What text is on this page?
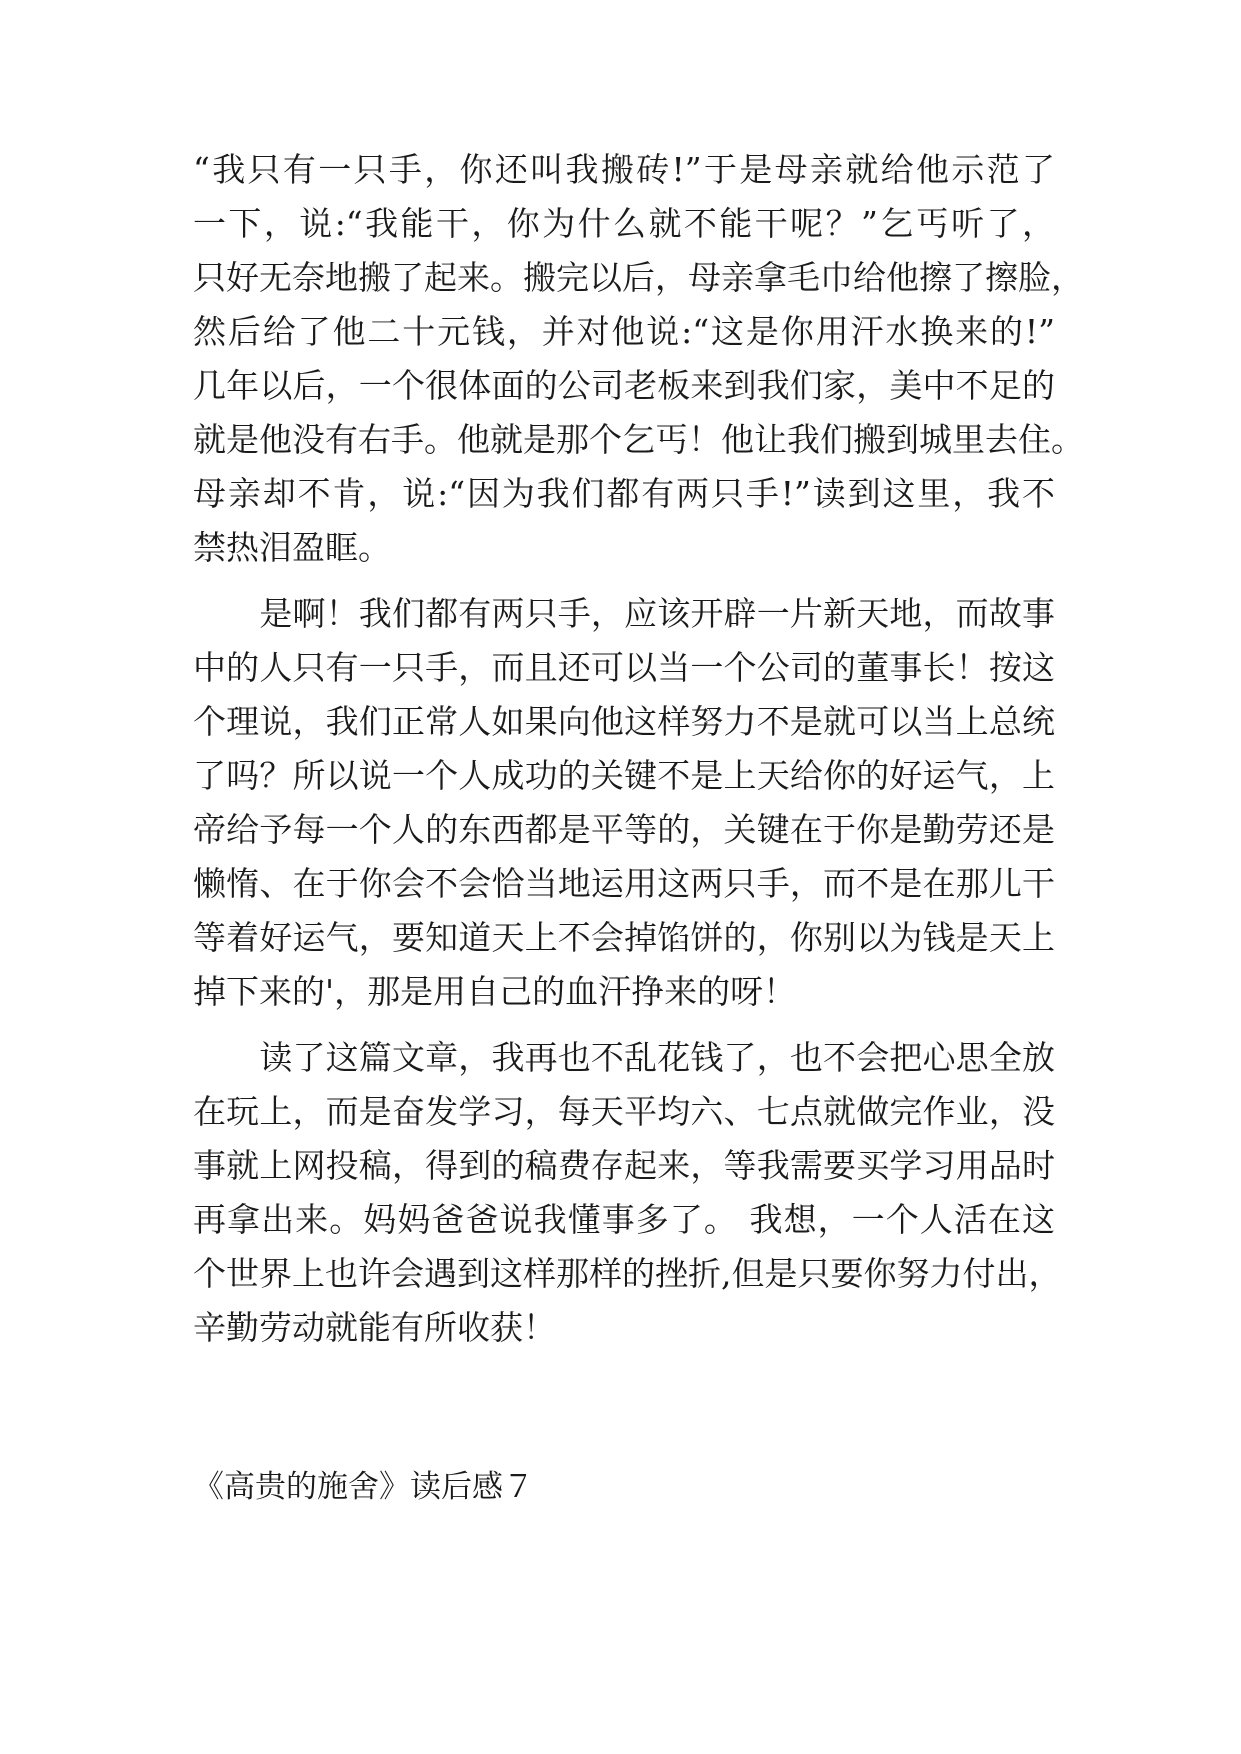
“我只有一只手，你还叫我搬砖!”于是母亲就给他示范了
一下，说:“我能干，你为什么就不能干呢？”乞丐听了，
只好无奈地搬了起来。搬完以后，母亲拿毛巾给他擦了擦脸，
然后给了他二十元钱，并对他说:“这是你用汗水换来的!”
几年以后，一个很体面的公司老板来到我们家，美中不足的
就是他没有右手。他就是那个乞丐！他让我们搬到城里去住。
母亲却不肯，说:“因为我们都有两只手!”读到这里，我不
禁热泪盈眶。
　　是啊！我们都有两只手，应该开辟一片新天地，而故事
中的人只有一只手，而且还可以当一个公司的董事长！按这
个理说，我们正常人如果向他这样努力不是就可以当上总统
了吗？所以说一个人成功的关键不是上天给你的好运气，上
帝给予每一个人的东西都是平等的，关键在于你是勤劳还是
懒惰、在于你会不会恰当地运用这两只手，而不是在那儿干
等着好运气，要知道天上不会掉馅饼的，你别以为钱是天上
掉下来的'，那是用自己的血汗挣来的呀！
　　读了这篇文章，我再也不乱花钱了，也不会把心思全放
在玩上，而是奋发学习，每天平均六、七点就做完作业，没
事就上网投稿，得到的稿费存起来，等我需要买学习用品时
再拿出来。妈妈爸爸说我懂事多了。 我想，一个人活在这
个世界上也许会遇到这样那样的挫折,但是只要你努力付出，
辛勤劳动就能有所收获！
《高贵的施舍》读后感７
